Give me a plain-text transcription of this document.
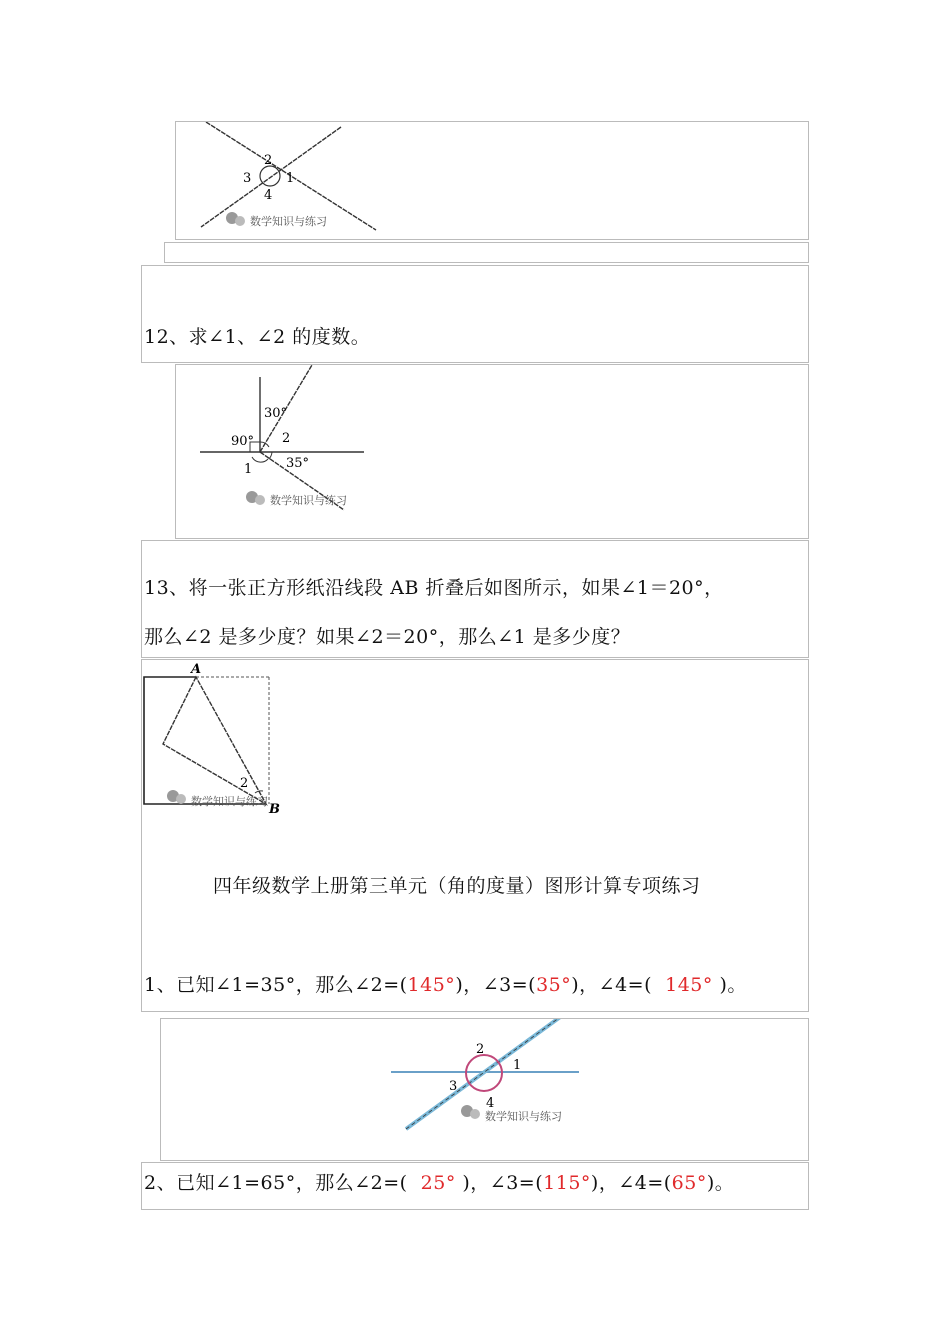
2
3	1
4
数学知识与练习
12、求∠1、∠2 的度数。
30°
90° 2
1	35°
数学知识与练习
13、将一张正方形纸沿线段 AB 折叠后如图所示，如果∠1＝20°，
那么∠2 是多少度？如果∠2＝20°，那么∠1 是多少度？
A
2
B
数学知识与练习
四年级数学上册第三单元（角的度量）图形计算专项练习
1、已知∠1=35°，那么∠2=(145°)，∠3=(35°)，∠4=( 145° )。
2
1
3
4
数学知识与练习
2、已知∠1=65°，那么∠2=( 25° )，∠3=(115°)，∠4=(65°)。
